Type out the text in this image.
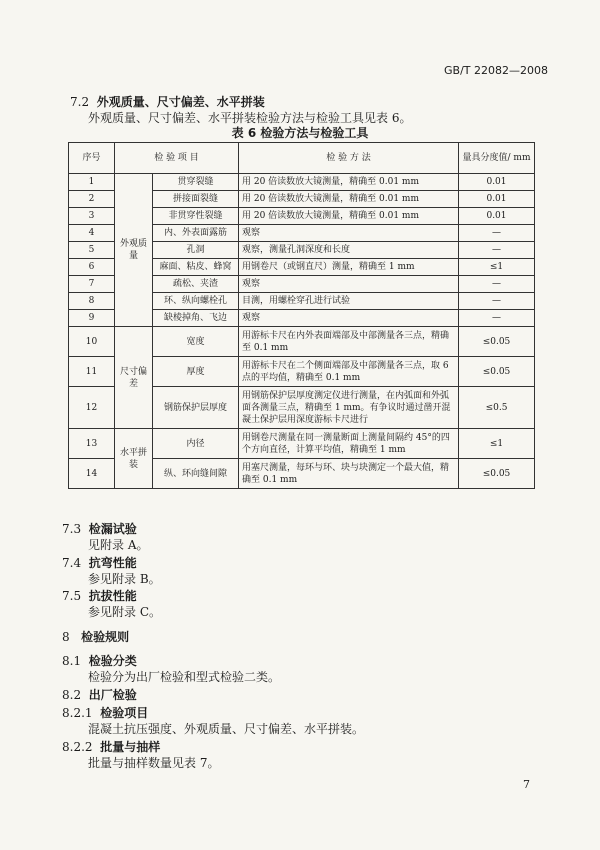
GB/T 22082—2008
7.2 外观质量、尺寸偏差、水平拼装
外观质量、尺寸偏差、水平拼装检验方法与检验工具见表 6。
表 6 检验方法与检验工具
序号	检 验 项 目		检 验 方 法	量具分度值/ mm
1	外观质量	贯穿裂缝	用 20 倍读数放大镜测量，精确至 0.01 mm	0.01
2		拼接面裂缝	用 20 倍读数放大镜测量，精确至 0.01 mm	0.01
3		非贯穿性裂缝	用 20 倍读数放大镜测量，精确至 0.01 mm	0.01
4		内、外表面露筋	观察	—
5		孔洞	观察，测量孔洞深度和长度	—
6		麻面、粘皮、蜂窝	用钢卷尺（或钢直尺）测量，精确至 1 mm	≤1
7		疏松、夹渣	观察	—
8		环、纵向螺栓孔	目测，用螺栓穿孔进行试验	—
9		缺棱掉角、飞边	观察	—
10	尺寸偏差	宽度	用游标卡尺在内外表面端部及中部测量各三点，精确至 0.1 mm	≤0.05
11		厚度	用游标卡尺在二个侧面端部及中部测量各三点，取 6 点的平均值，精确至 0.1 mm	≤0.05
12		钢筋保护层厚度	用钢筋保护层厚度测定仪进行测量，在内弧面和外弧面各测量三点，精确至 1 mm。有争议时通过凿开混凝土保护层用深度游标卡尺进行	≤0.5
13	水平拼装	内径	用钢卷尺测量在同一测量断面上测量间隔约 45°的四个方向直径，计算平均值，精确至 1 mm	≤1
14		纵、环向缝间隙	用塞尺测量，每环与环、块与块测定一个最大值，精确至 0.1 mm	≤0.05
7.3 检漏试验
见附录 A。
7.4 抗弯性能
参见附录 B。
7.5 抗拔性能
参见附录 C。
8 检验规则
8.1 检验分类
检验分为出厂检验和型式检验二类。
8.2 出厂检验
8.2.1 检验项目
混凝土抗压强度、外观质量、尺寸偏差、水平拼装。
8.2.2 批量与抽样
批量与抽样数量见表 7。
7
